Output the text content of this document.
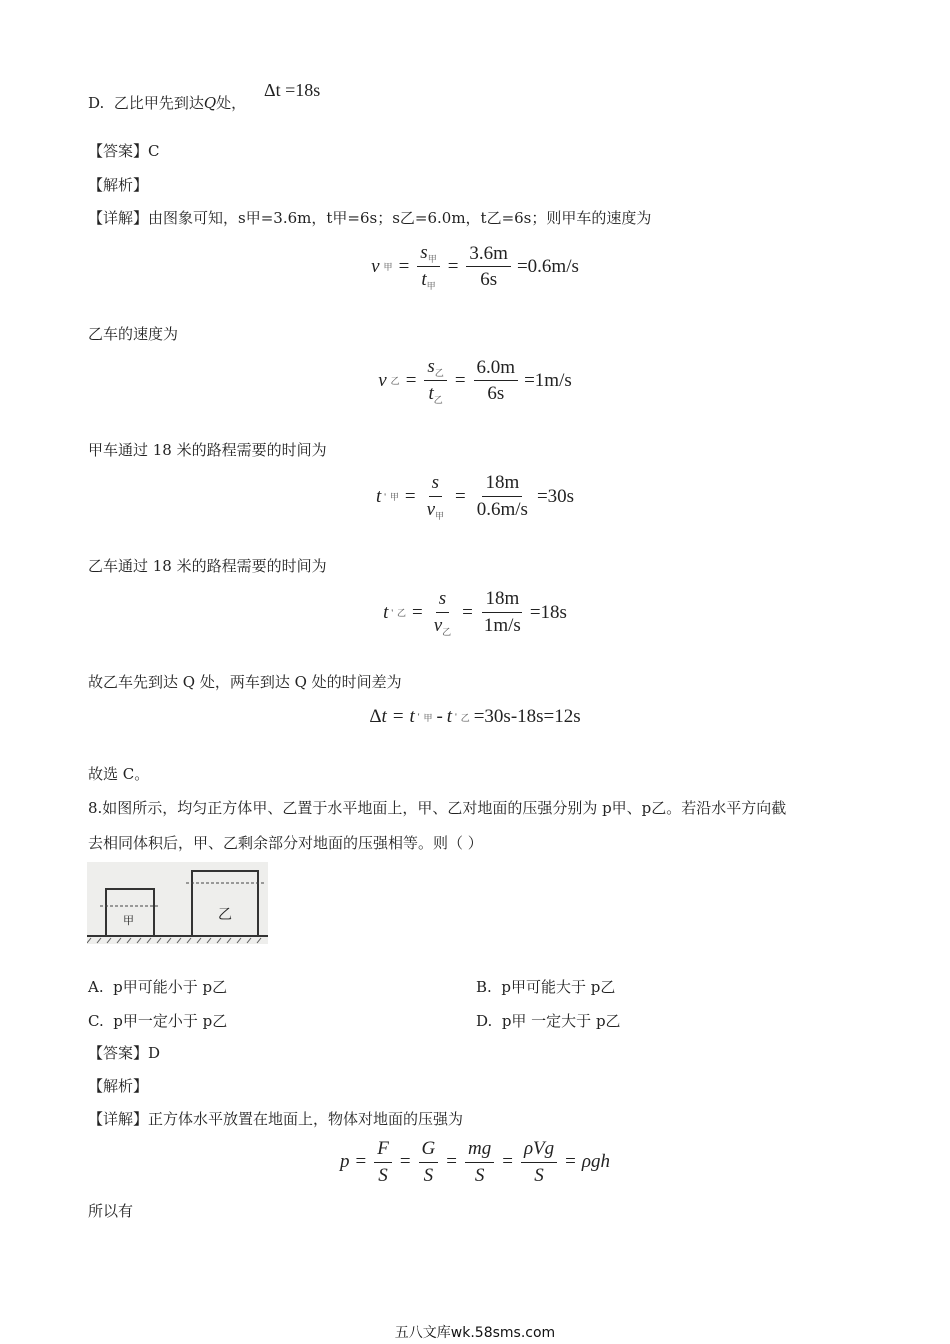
D. 乙比甲先到达Q处，
Δt =18s
【答案】C
【解析】
【详解】由图象可知，s甲=3.6m，t甲=6s；s乙=6.0m，t乙=6s；则甲车的速度为
v 甲 = $\frac{s_甲}{t_甲} = \frac{3.6m}{6s} =0.6m/s$
乙车的速度为
v 乙 = $\frac{s_乙}{t_乙} = \frac{6.0m}{6s} =1m/s$
甲车通过 18 米的路程需要的时间为
t ' 甲 = $\frac{s}{v_甲} = \frac{18m}{0.6m/s} =30s$
乙车通过 18 米的路程需要的时间为
t ' 乙 = $\frac{s}{v_乙} = \frac{18m}{1m/s} =18s$
故乙车先到达 Q 处，两车到达 Q 处的时间差为
Δt = t ' 甲 - t ' 乙 =30s-18s=12s
故选 C。
8.如图所示，均匀正方体甲、乙置于水平地面上，甲、乙对地面的压强分别为 p甲、p乙。若沿水平方向截
去相同体积后，甲、乙剩余部分对地面的压强相等。则（ ）
甲	乙
A. p甲可能小于 p乙	B. p甲可能大于 p乙
C. p甲一定小于 p乙	D. p甲 一定大于 p乙
【答案】D
【解析】
【详解】正方体水平放置在地面上，物体对地面的压强为
$p = \frac{F}{S} = \frac{G}{S} = \frac{mg}{S} = \frac{\text{ρVg}}{S} = \rho gh$
所以有
五八文库wk.58sms.com
